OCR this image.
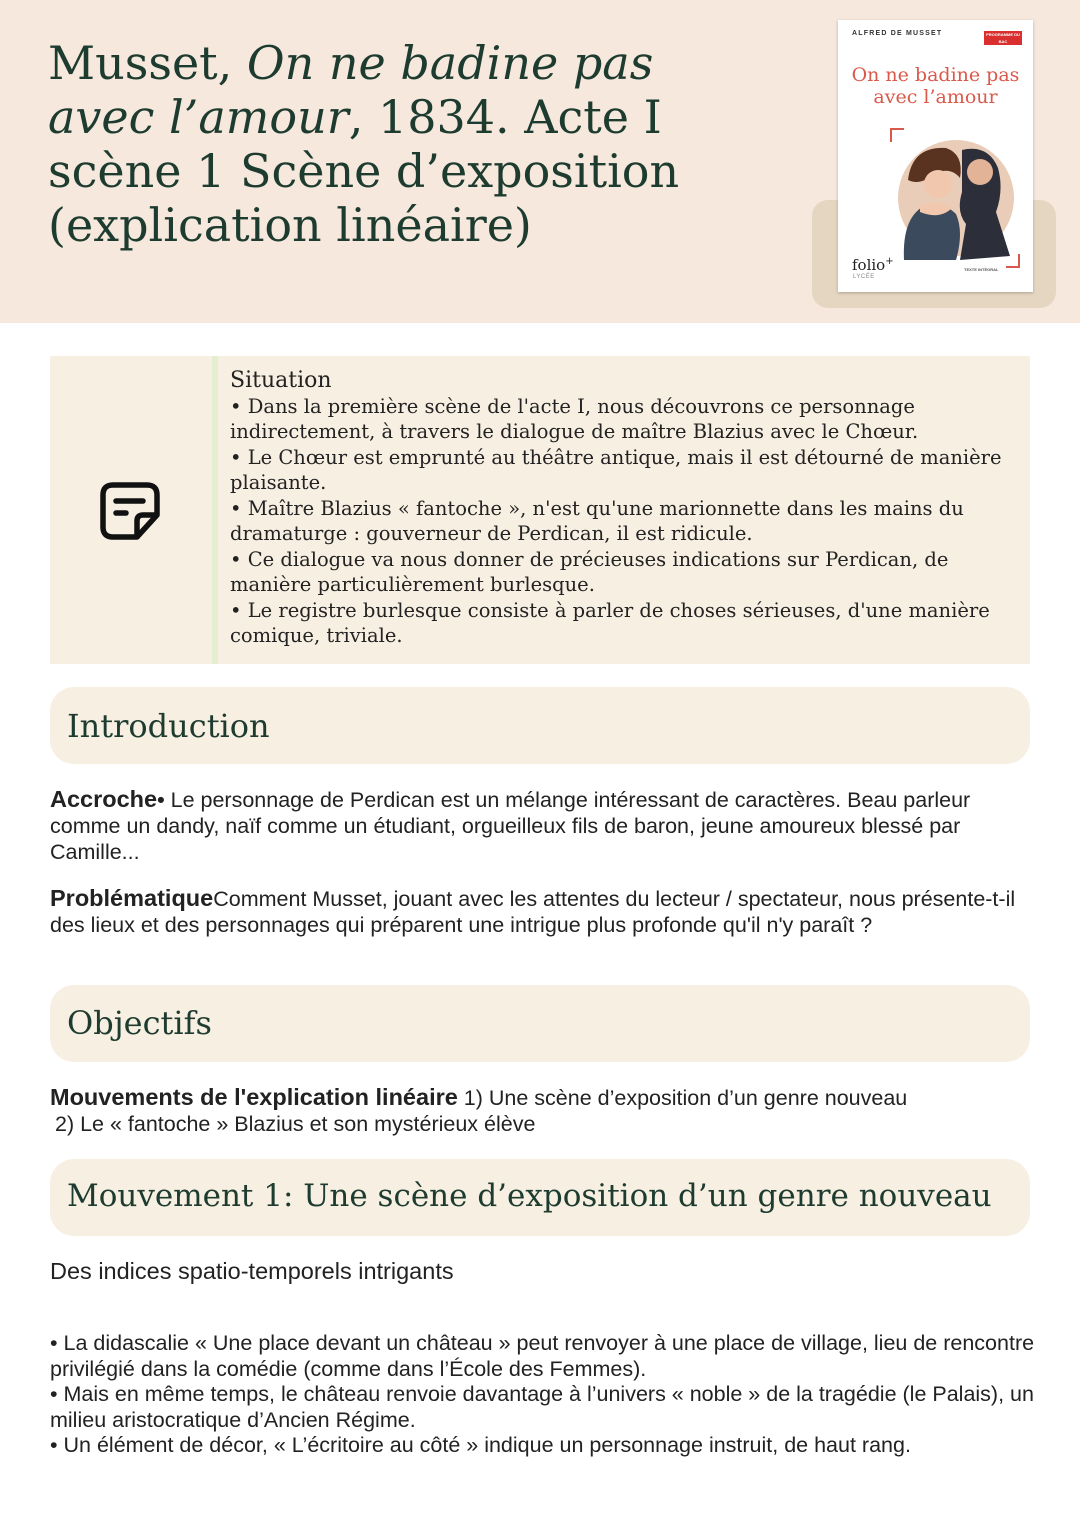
Musset, On ne badine pas avec l’amour, 1834. Acte I scène 1 Scène d’exposition (explication linéaire)
ALFRED DE MUSSET	PROGRAMME DU BAC
On ne badine pas
avec l’amour
folio+
LYCÉE
TEXTE INTÉGRAL

Situation

• Dans la première scène de l'acte I, nous découvrons ce personnage indirectement, à travers le dialogue de maître Blazius avec le Chœur.

• Le Chœur est emprunté au théâtre antique, mais il est détourné de manière plaisante.

• Maître Blazius « fantoche », n'est qu'une marionnette dans les mains du dramaturge : gouverneur de Perdican, il est ridicule.

• Ce dialogue va nous donner de précieuses indications sur Perdican, de manière particulièrement burlesque.

• Le registre burlesque consiste à parler de choses sérieuses, d'une manière comique, triviale.

Introduction

Accroche• Le personnage de Perdican est un mélange intéressant de caractères. Beau parleur comme un dandy, naïf comme un étudiant, orgueilleux fils de baron, jeune amoureux blessé par Camille...

ProblématiqueComment Musset, jouant avec les attentes du lecteur / spectateur, nous présente-t-il des lieux et des personnages qui préparent une intrigue plus profonde qu'il n'y paraît ?

Objectifs

Mouvements de l'explication linéaire 1) Une scène d’exposition d’un genre nouveau
2) Le « fantoche » Blazius et son mystérieux élève

Mouvement 1: Une scène d’exposition d’un genre nouveau

Des indices spatio-temporels intrigants

• La didascalie « Une place devant un château » peut renvoyer à une place de village, lieu de rencontre privilégié dans la comédie (comme dans l’École des Femmes).

• Mais en même temps, le château renvoie davantage à l’univers « noble » de la tragédie (le Palais), un milieu aristocratique d’Ancien Régime.

• Un élément de décor, « L’écritoire au côté » indique un personnage instruit, de haut rang.
